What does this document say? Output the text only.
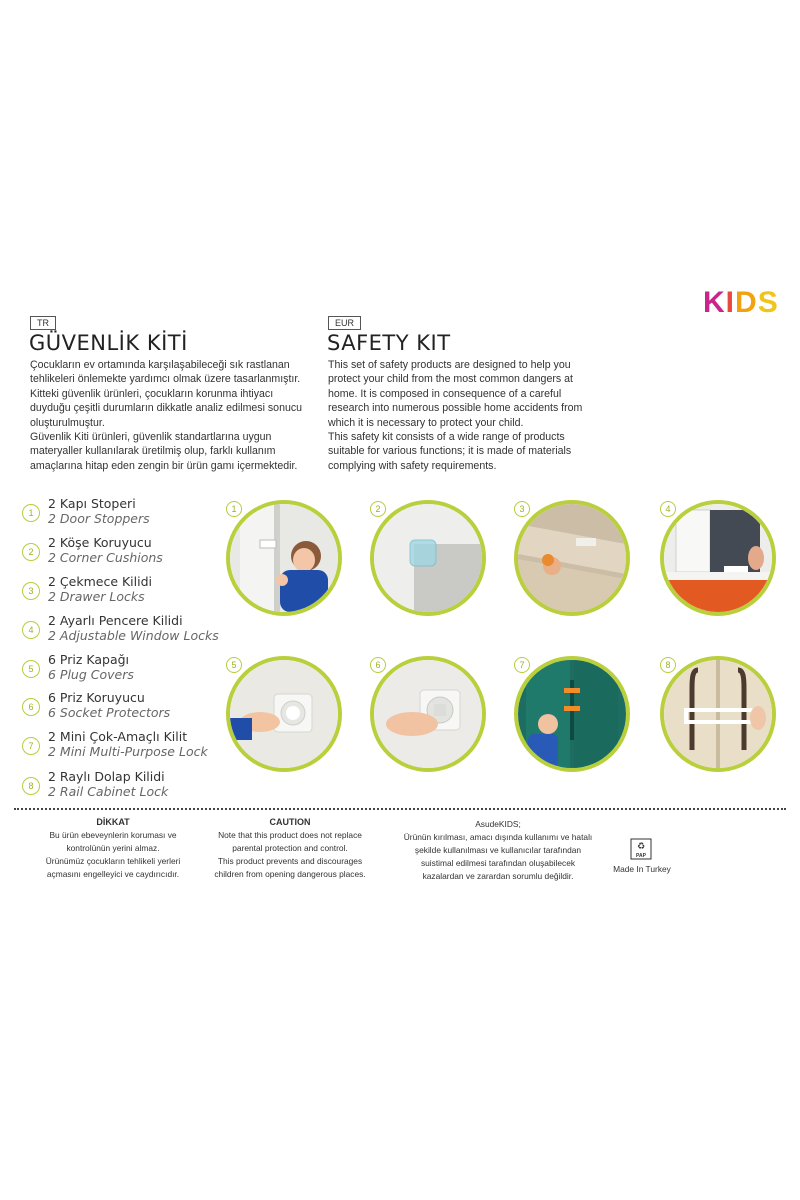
KIDS
TR
GÜVENLİK KİTİ

Çocukların ev ortamında karşılaşabileceği sık rastlanan

tehlikeleri önlemekte yardımcı olmak üzere tasarlanmıştır.

Kitteki güvenlik ürünleri, çocukların korunma ihtiyacı

duyduğu çeşitli durumların dikkatle analiz edilmesi sonucu

oluşturulmuştur.

Güvenlik Kiti ürünleri, güvenlik standartlarına uygun

materyaller kullanılarak üretilmiş olup, farklı kullanım

amaçlarına hitap eden zengin bir ürün gamı içermektedir.

EUR
SAFETY KIT

This set of safety products are designed to help you

protect your child from the most common dangers at

home. It is composed in consequence of a careful

research into numerous possible home accidents from

which it is necessary to protect your child.

This safety kit consists of a wide range of products

suitable for various functions; it is made of materials

complying with safety requirements.

1
2 Kapı Stoperi
2 Door Stoppers
2
2 Köşe Koruyucu
2 Corner Cushions
3
2 Çekmece Kilidi
2 Drawer Locks
4
2 Ayarlı Pencere Kilidi
2 Adjustable Window Locks
5
6 Priz Kapağı
6 Plug Covers
6
6 Priz Koruyucu
6 Socket Protectors
7
2 Mini Çok-Amaçlı Kilit
2 Mini Multi-Purpose Lock
8
2 Raylı Dolap Kilidi
2 Rail Cabinet Lock
1	2	3	4
5	6	7	8

DİKKAT

Bu ürün ebeveynlerin koruması ve

kontrolünün yerini almaz.

Ürünümüz çocukların tehlikeli yerleri

açmasını engelleyici ve caydırıcıdır.

CAUTION

Note that this product does not replace

parental protection and control.

This product prevents and discourages

children from opening dangerous places.

AsudeKIDS;

Ürünün kırılması, amacı dışında kullanımı ve hatalı

şekilde kullanılması ve kullanıcılar tarafından

suistimal edilmesi tarafından oluşabilecek

kazalardan ve zarardan sorumlu değildir.

♻
PAP
Made In Turkey
